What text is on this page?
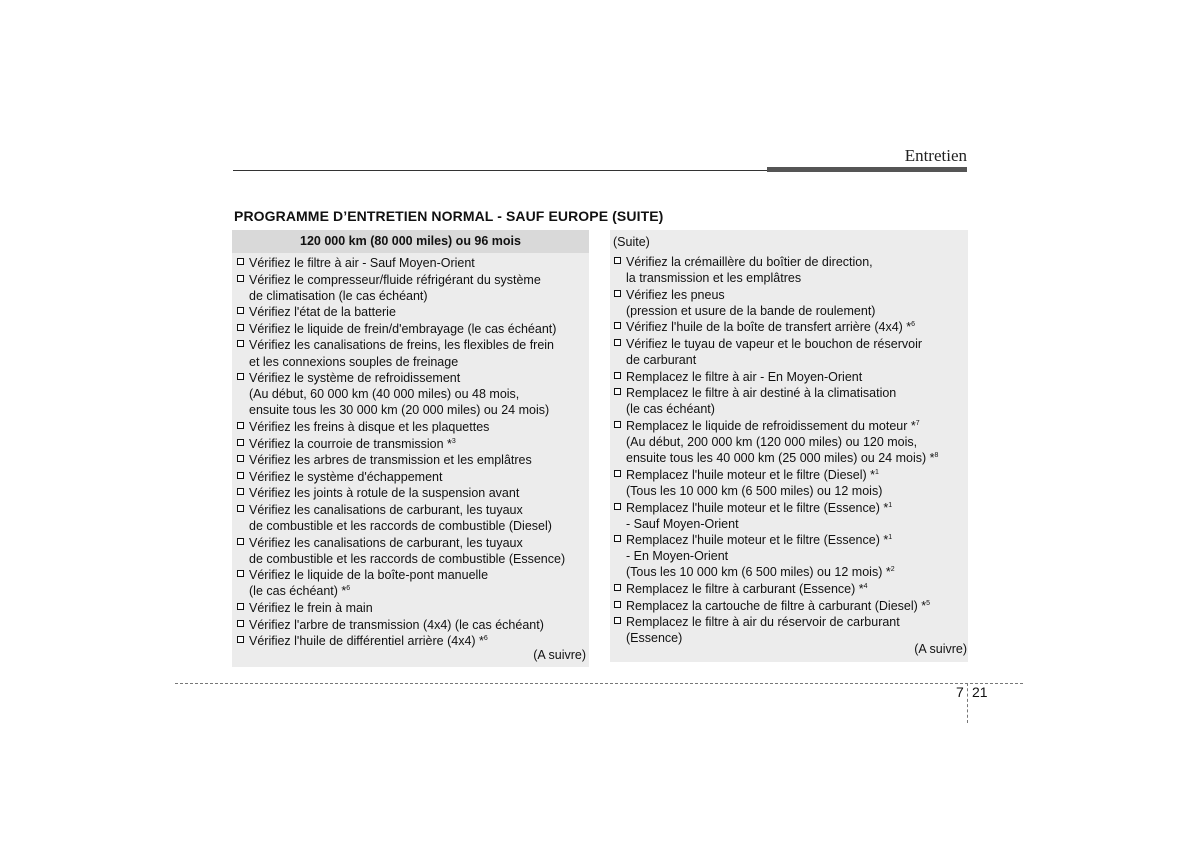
Entretien
PROGRAMME D’ENTRETIEN NORMAL - SAUF EUROPE (SUITE)
120 000 km (80 000 miles) ou 96 mois
Vérifiez le filtre à air - Sauf Moyen-Orient
Vérifiez le compresseur/fluide réfrigérant du système
de climatisation (le cas échéant)
Vérifiez l'état de la batterie
Vérifiez le liquide de frein/d'embrayage (le cas échéant)
Vérifiez les canalisations de freins, les flexibles de frein
et les connexions souples de freinage
Vérifiez le système de refroidissement
(Au début, 60 000 km (40 000 miles) ou 48 mois,
ensuite tous les 30 000 km (20 000 miles) ou 24 mois)
Vérifiez les freins à disque et les plaquettes
Vérifiez la courroie de transmission *$^3$
Vérifiez les arbres de transmission et les emplâtres
Vérifiez le système d'échappement
Vérifiez les joints à rotule de la suspension avant
Vérifiez les canalisations de carburant, les tuyaux
de combustible et les raccords de combustible (Diesel)
Vérifiez les canalisations de carburant, les tuyaux
de combustible et les raccords de combustible (Essence)
Vérifiez le liquide de la boîte-pont manuelle
(le cas échéant) *$^6$
Vérifiez le frein à main
Vérifiez l'arbre de transmission (4x4) (le cas échéant)
Vérifiez l'huile de différentiel arrière (4x4) *$^6$
(A suivre)
(Suite)
Vérifiez la crémaillère du boîtier de direction,
la transmission et les emplâtres
Vérifiez les pneus
(pression et usure de la bande de roulement)
Vérifiez l'huile de la boîte de transfert arrière (4x4) *$^6$
Vérifiez le tuyau de vapeur et le bouchon de réservoir
de carburant
Remplacez le filtre à air - En Moyen-Orient
Remplacez le filtre à air destiné à la climatisation
(le cas échéant)
Remplacez le liquide de refroidissement du moteur *$^7$
(Au début, 200 000 km (120 000 miles) ou 120 mois,
ensuite tous les 40 000 km (25 000 miles) ou 24 mois) *$^8$
Remplacez l'huile moteur et le filtre (Diesel) *$^1$
(Tous les 10 000 km (6 500 miles) ou 12 mois)
Remplacez l'huile moteur et le filtre (Essence) *$^1$
- Sauf Moyen-Orient
Remplacez l'huile moteur et le filtre (Essence) *$^1$
- En Moyen-Orient
(Tous les 10 000 km (6 500 miles) ou 12 mois) *$^2$
Remplacez le filtre à carburant (Essence) *$^4$
Remplacez la cartouche de filtre à carburant (Diesel) *$^5$
Remplacez le filtre à air du réservoir de carburant
(Essence)
(A suivre)
7 21
